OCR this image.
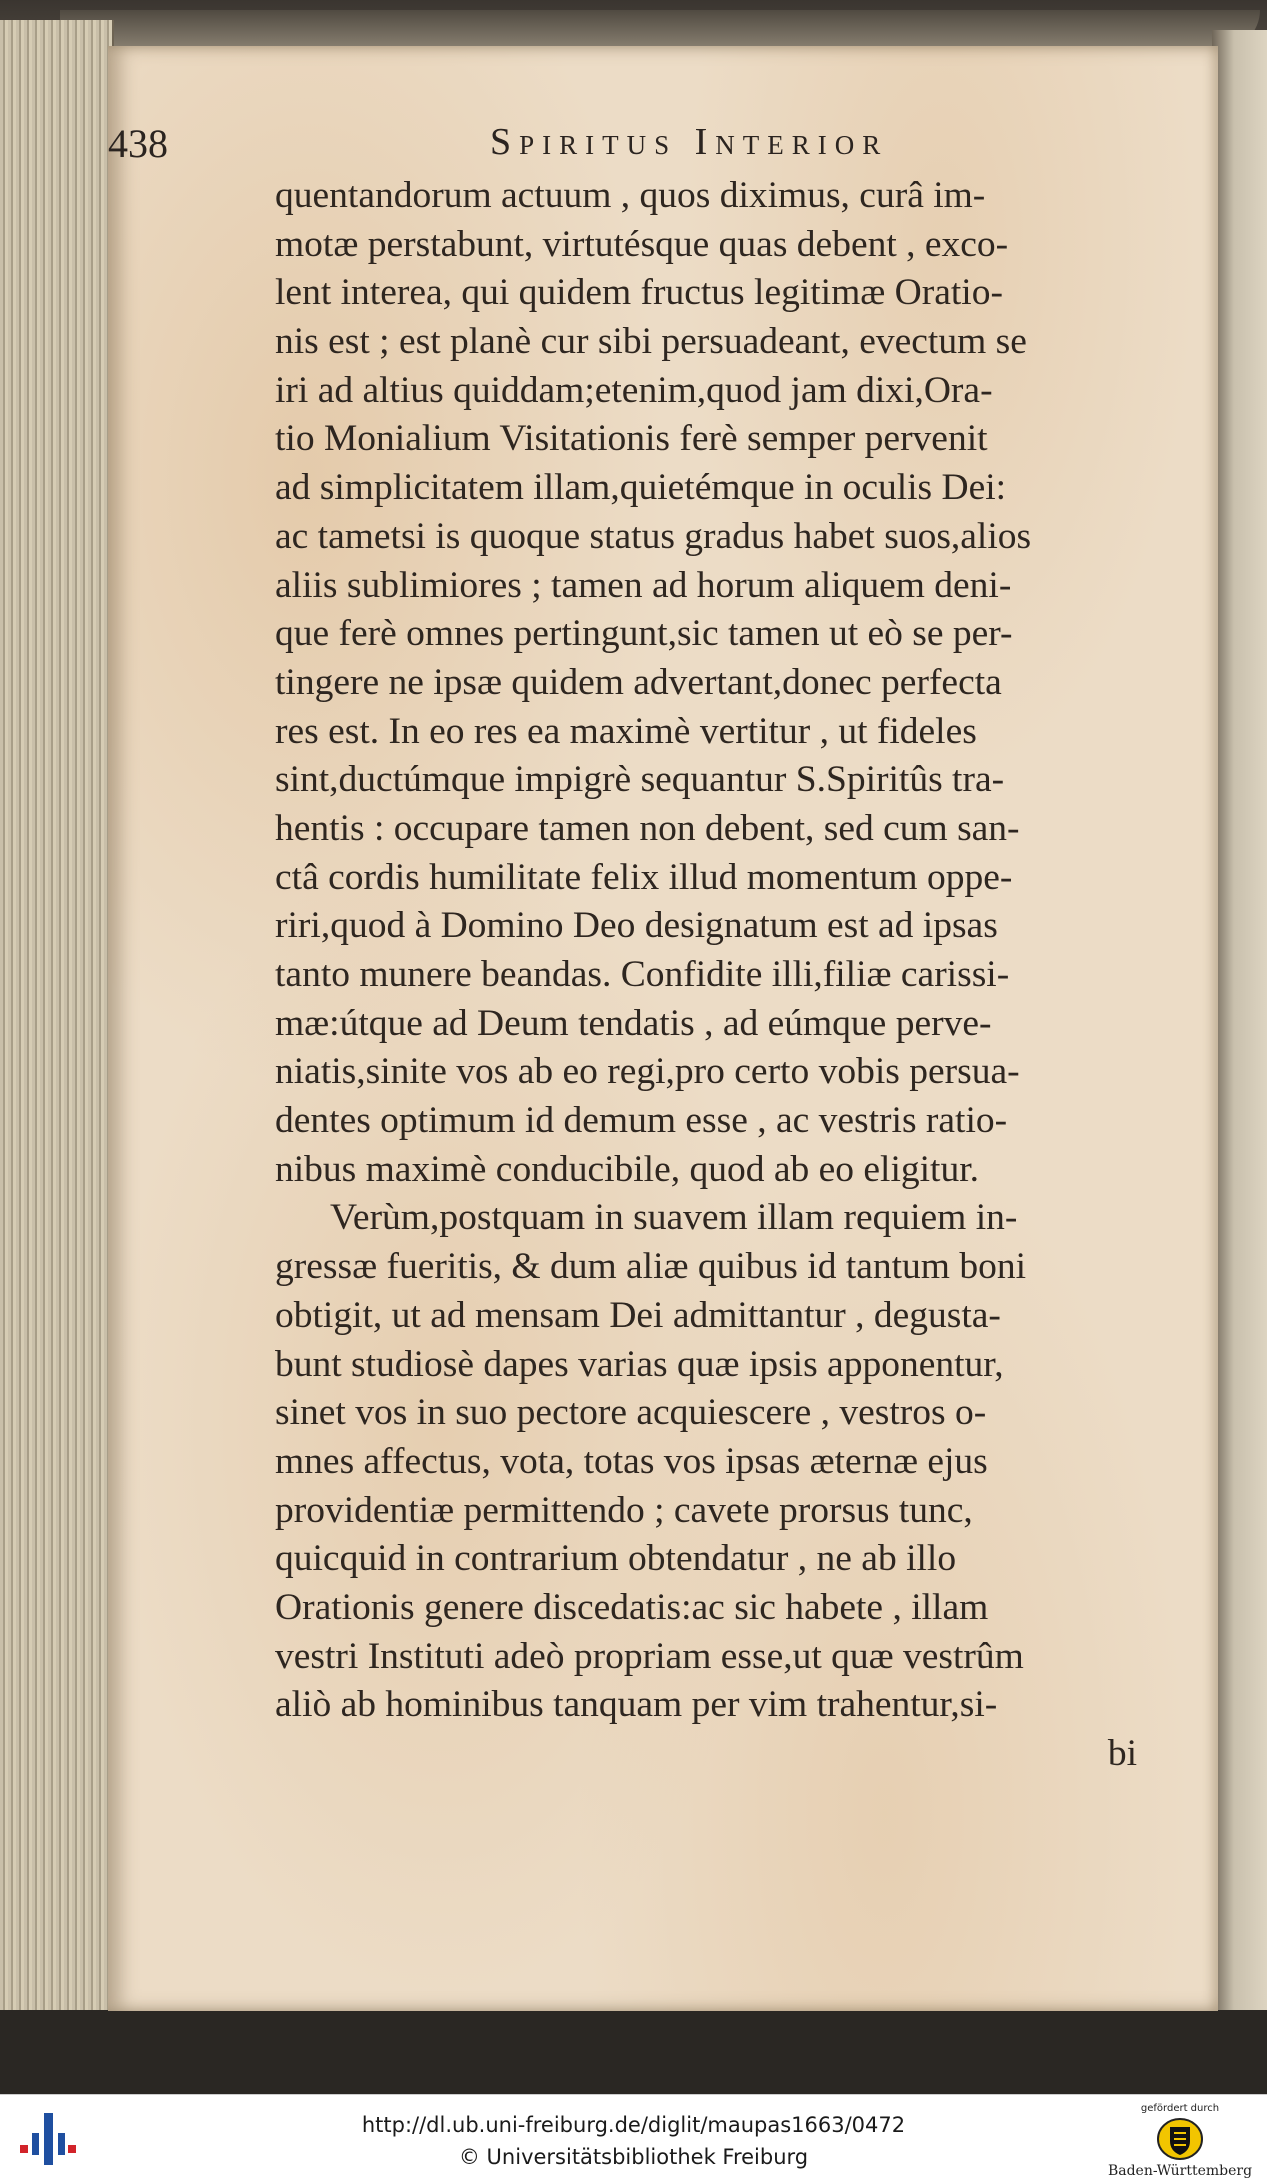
438	Spiritus Interior
quentandorum actuum , quos diximus, curâ im-
motæ perstabunt, virtutésque quas debent , exco-
lent interea, qui quidem fructus legitimæ Oratio-
nis est ; est planè cur sibi persuadeant, evectum se
iri ad altius quiddam;etenim,quod jam dixi,Ora-
tio Monialium Visitationis ferè semper pervenit
ad simplicitatem illam,quietémque in oculis Dei:
ac tametsi is quoque status gradus habet suos,alios
aliis sublimiores ; tamen ad horum aliquem deni-
que ferè omnes pertingunt,sic tamen ut eò se per-
tingere ne ipsæ quidem advertant,donec perfecta
res est. In eo res ea maximè vertitur , ut fideles
sint,ductúmque impigrè sequantur S.Spiritûs tra-
hentis : occupare tamen non debent, sed cum san-
ctâ cordis humilitate felix illud momentum oppe-
riri,quod à Domino Deo designatum est ad ipsas
tanto munere beandas. Confidite illi,filiæ carissi-
mæ:útque ad Deum tendatis , ad eúmque perve-
niatis,sinite vos ab eo regi,pro certo vobis persua-
dentes optimum id demum esse , ac vestris ratio-
nibus maximè conducibile, quod ab eo eligitur.
Verùm,postquam in suavem illam requiem in-
gressæ fueritis, & dum aliæ quibus id tantum boni
obtigit, ut ad mensam Dei admittantur , degusta-
bunt studiosè dapes varias quæ ipsis apponentur,
sinet vos in suo pectore acquiescere , vestros o-
mnes affectus, vota, totas vos ipsas æternæ ejus
providentiæ permittendo ; cavete prorsus tunc,
quicquid in contrarium obtendatur , ne ab illo
Orationis genere discedatis:ac sic habete , illam
vestri Instituti adeò propriam esse,ut quæ vestrûm
aliò ab hominibus tanquam per vim trahentur,si-
bi
http://dl.ub.uni-freiburg.de/diglit/maupas1663/0472
© Universitätsbibliothek Freiburg
gefördert durch
Baden-Württemberg
